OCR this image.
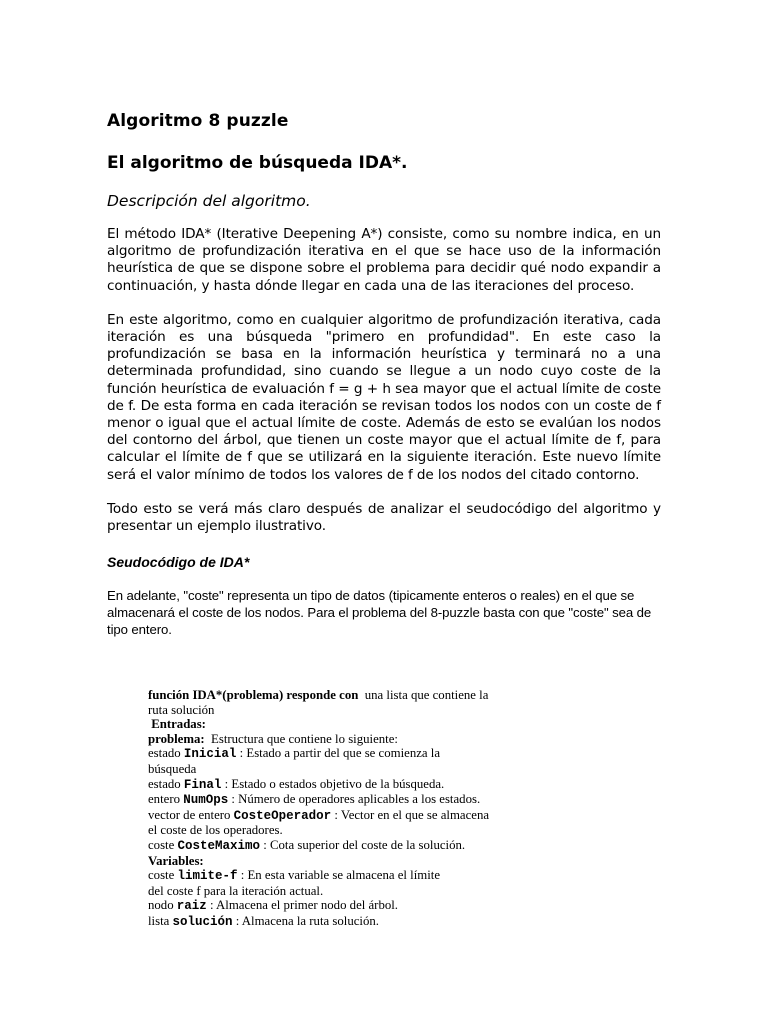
Algoritmo 8 puzzle
El algoritmo de búsqueda IDA*.
Descripción del algoritmo.

El método IDA* (Iterative Deepening A*) consiste, como su nombre indica, en un algoritmo de profundización iterativa en el que se hace uso de la información heurística de que se dispone sobre el problema para decidir qué nodo expandir a continuación, y hasta dónde llegar en cada una de las iteraciones del proceso.

En este algoritmo, como en cualquier algoritmo de profundización iterativa, cada iteración es una búsqueda "primero en profundidad". En este caso la profundización se basa en la información heurística y terminará no a una determinada profundidad, sino cuando se llegue a un nodo cuyo coste de la función heurística de evaluación f = g + h sea mayor que el actual límite de coste de f. De esta forma en cada iteración se revisan todos los nodos con un coste de f menor o igual que el actual límite de coste. Además de esto se evalúan los nodos del contorno del árbol, que tienen un coste mayor que el actual límite de f, para calcular el límite de f que se utilizará en la siguiente iteración. Este nuevo límite será el valor mínimo de todos los valores de f de los nodos del citado contorno.

Todo esto se verá más claro después de analizar el seudocódigo del algoritmo y presentar un ejemplo ilustrativo.

Seudocódigo de IDA*

En adelante, "coste" representa un tipo de datos (tipicamente enteros o reales) en el que se almacenará el coste de los nodos. Para el problema del 8-puzzle basta con que "coste" sea de tipo entero.

función IDA*(problema) responde con  una lista que contiene la
ruta solución
Entradas:
problema:  Estructura que contiene lo siguiente:
estado Inicial : Estado a partir del que se comienza la
búsqueda
estado Final : Estado o estados objetivo de la búsqueda.
entero NumOps : Número de operadores aplicables a los estados.
vector de entero CosteOperador : Vector en el que se almacena
el coste de los operadores.
coste CosteMaximo : Cota superior del coste de la solución.
Variables:
coste limite-f : En esta variable se almacena el límite
del coste f para la iteración actual.
nodo raiz : Almacena el primer nodo del árbol.
lista solución : Almacena la ruta solución.
